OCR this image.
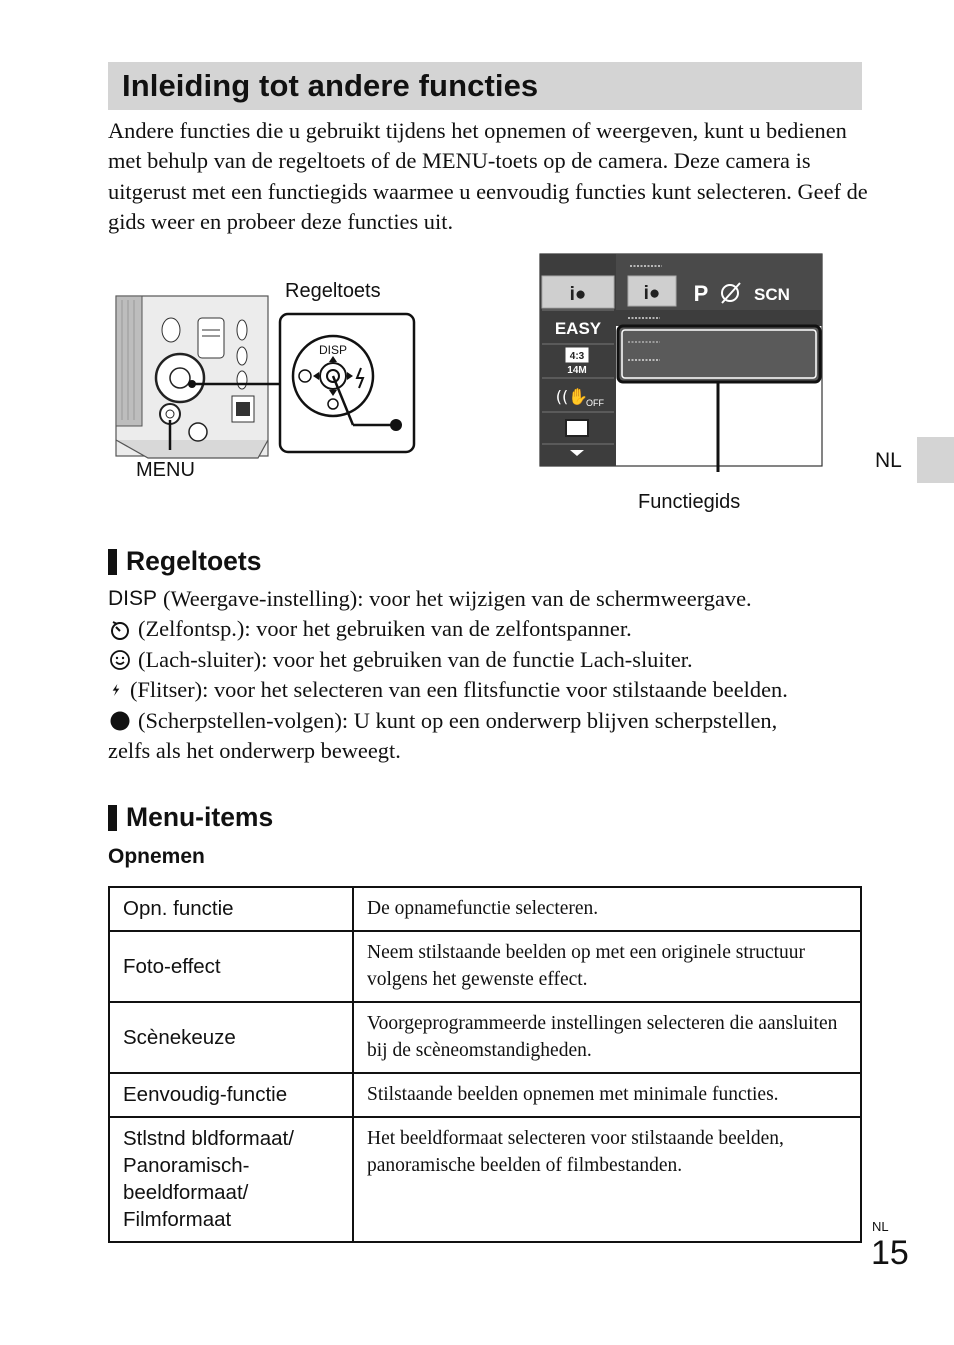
Inleiding tot andere functies

Andere functies die u gebruikt tijdens het opnemen of weergeven, kunt u bedienen met behulp van de regeltoets of de MENU-toets op de camera. Deze camera is uitgerust met een functiegids waarmee u eenvoudig functies kunt selecteren. Geef de gids weer en probeer deze functies uit.

DISP
Regeltoets
MENU
i●
EASY
4:3
14M
((✋
OFF
i● P	SCN
Functiegids
NL
Regeltoets
DISP (Weergave-instelling): voor het wijzigen van de schermweergave.
(Zelfontsp.): voor het gebruiken van de zelfontspanner.
(Lach-sluiter): voor het gebruiken van de functie Lach-sluiter.
(Flitser): voor het selecteren van een flitsfunctie voor stilstaande beelden.
(Scherpstellen-volgen): U kunt op een onderwerp blijven scherpstellen,
zelfs als het onderwerp beweegt.
Menu-items
Opnemen
Opn. functie	De opnamefunctie selecteren.
Foto-effect	Neem stilstaande beelden op met een originele structuur volgens het gewenste effect.
Scènekeuze	Voorgeprogrammeerde instellingen selecteren die aansluiten bij de scèneomstandigheden.
Eenvoudig-functie	Stilstaande beelden opnemen met minimale functies.
Stlstnd bldformaat/ Panoramisch-beeldformaat/ Filmformaat	Het beeldformaat selecteren voor stilstaande beelden, panoramische beelden of filmbestanden.
NL
15
